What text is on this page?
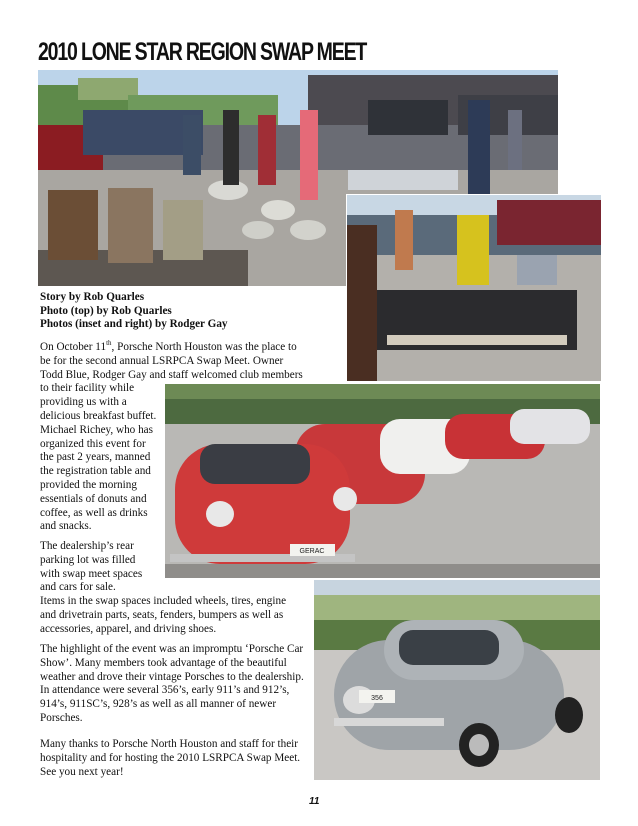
2010 LONE STAR REGION SWAP MEET
GERAC
356
Story by Rob Quarles
Photo (top) by Rob Quarles
Photos (inset and right) by Rodger Gay
On October 11th, Porsche North Houston was the place to
be for the second annual LSRPCA Swap Meet. Owner
Todd Blue, Rodger Gay and staff welcomed club members
to their facility while
providing us with a
delicious breakfast buffet.
Michael Richey, who has
organized this event for
the past 2 years, manned
the registration table and
provided the morning
essentials of donuts and
coffee, as well as drinks
and snacks.
The dealership’s rear
parking lot was filled
with swap meet spaces
and cars for sale.
Items in the swap spaces included wheels, tires, engine
and drivetrain parts, seats, fenders, bumpers as well as
accessories, apparel, and driving shoes.
The highlight of the event was an impromptu ‘Porsche Car
Show’. Many members took advantage of the beautiful
weather and drove their vintage Porsches to the dealership.
In attendance were several 356’s, early 911’s and 912’s,
914’s, 911SC’s, 928’s as well as all manner of newer
Porsches.
Many thanks to Porsche North Houston and staff for their
hospitality and for hosting the 2010 LSRPCA Swap Meet.
See you next year!
11
